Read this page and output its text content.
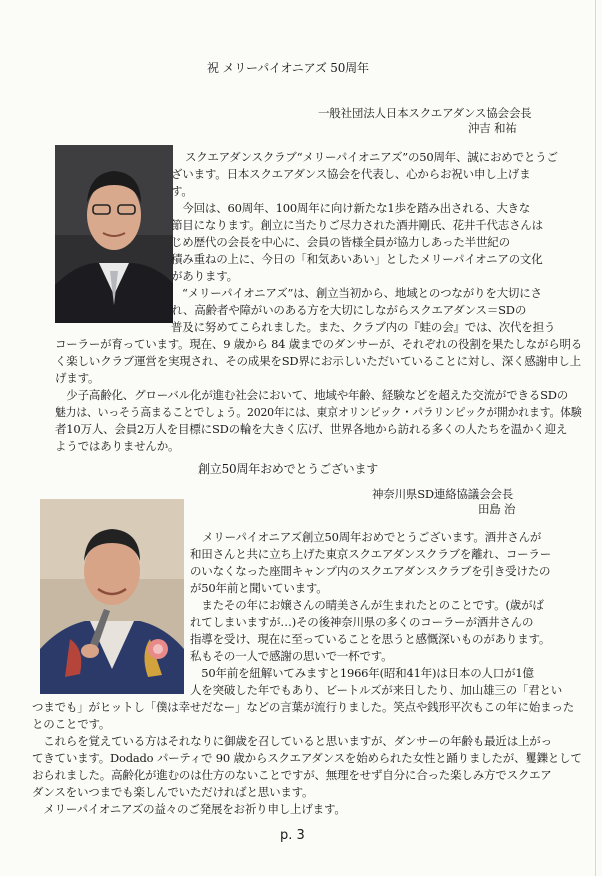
祝 メリーパイオニアズ 50周年
一般社団法人日本スクエアダンス協会会長
沖吉 和祐
スクエアダンスクラブ“メリーパイオニアズ”の50周年、誠におめでとうご
ざいます。日本スクエアダンス協会を代表し、心からお祝い申し上げま
す。
　今回は、60周年、100周年に向け新たな1歩を踏み出される、大きな
節目になります。創立に当たりご尽力された酒井剛氏、花井千代志さんは
じめ歴代の会長を中心に、会員の皆様全員が協力しあった半世紀の
積み重ねの上に、今日の「和気あいあい」としたメリーパイオニアの文化
があります。
“メリーパイオニアズ”は、創立当初から、地域とのつながりを大切にさ
れ、高齢者や障がいのある方を大切にしながらスクエアダンス＝SDの
普及に努めてこられました。また、クラブ内の『蛙の会』では、次代を担う
コーラーが育っています。現在、9 歳から 84 歳までのダンサーが、それぞれの役割を果たしながら明る
く楽しいクラブ運営を実現され、その成果をSD界にお示しいただいていることに対し、深く感謝申し上
げます。
　少子高齢化、グローバル化が進む社会において、地域や年齢、経験などを超えた交流ができるSDの
魅力は、いっそう高まることでしょう。2020年には、東京オリンピック・パラリンピックが開かれます。体験
者10万人、会員2万人を目標にSDの輪を大きく広げ、世界各地から訪れる多くの人たちを温かく迎え
ようではありませんか。
創立50周年おめでとうございます
神奈川県SD連絡協議会会長
田島 治
メリーパイオニアズ創立50周年おめでとうございます。酒井さんが
和田さんと共に立ち上げた東京スクエアダンスクラブを離れ、コーラー
のいなくなった座間キャンプ内のスクエアダンスクラブを引き受けたの
が50年前と聞いています。
　またその年にお嬢さんの晴美さんが生まれたとのことです。(歳がば
れてしまいますが…)その後神奈川県の多くのコーラーが酒井さんの
指導を受け、現在に至っていることを思うと感慨深いものがあります。
私もその一人で感謝の思いで一杯です。
　50年前を紐解いてみますと1966年(昭和41年)は日本の人口が1億
人を突破した年でもあり、ビートルズが来日したり、加山雄三の「君とい
つまでも」がヒットし「僕は幸せだなー」などの言葉が流行りました。笑点や銭形平次もこの年に始まった
とのことです。
　これらを覚えている方はそれなりに御歳を召していると思いますが、ダンサーの年齢も最近は上がっ
てきています。Dodado パーティで 90 歳からスクエアダンスを始められた女性と踊りましたが、矍鑠として
おられました。高齢化が進むのは仕方のないことですが、無理をせず自分に合った楽しみ方でスクエア
ダンスをいつまでも楽しんでいただければと思います。
　メリーパイオニアズの益々のご発展をお祈り申し上げます。
p. 3
